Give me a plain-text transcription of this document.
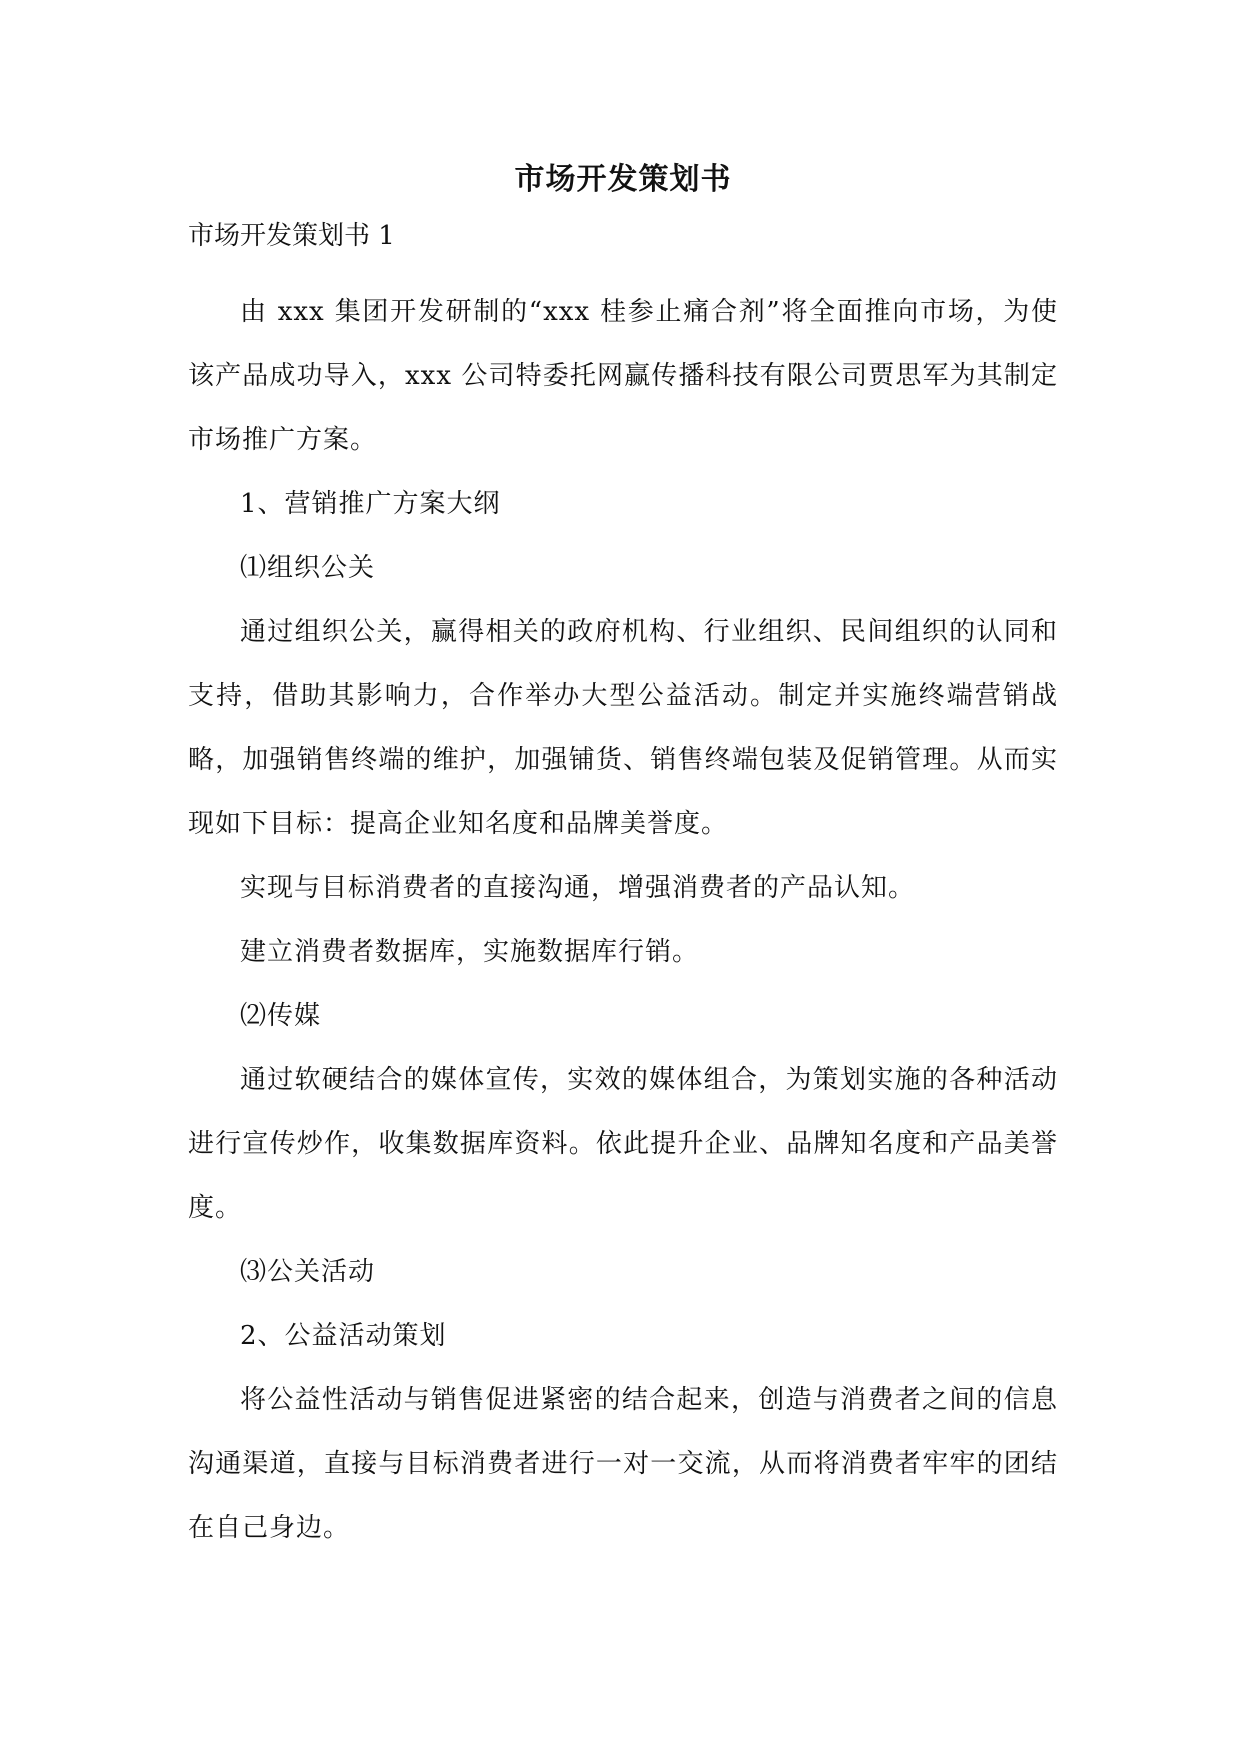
市场开发策划书
市场开发策划书 1

由 xxx 集团开发研制的“xxx 桂参止痛合剂”将全面推向市场，为使该产品成功导入，xxx 公司特委托网赢传播科技有限公司贾思军为其制定市场推广方案。

1、营销推广方案大纲

⑴组织公关

通过组织公关，赢得相关的政府机构、行业组织、民间组织的认同和支持，借助其影响力，合作举办大型公益活动。制定并实施终端营销战略，加强销售终端的维护，加强铺货、销售终端包装及促销管理。从而实现如下目标：提高企业知名度和品牌美誉度。

实现与目标消费者的直接沟通，增强消费者的产品认知。

建立消费者数据库，实施数据库行销。

⑵传媒

通过软硬结合的媒体宣传，实效的媒体组合，为策划实施的各种活动进行宣传炒作，收集数据库资料。依此提升企业、品牌知名度和产品美誉度。

⑶公关活动

2、公益活动策划

将公益性活动与销售促进紧密的结合起来，创造与消费者之间的信息沟通渠道，直接与目标消费者进行一对一交流，从而将消费者牢牢的团结在自己身边。
